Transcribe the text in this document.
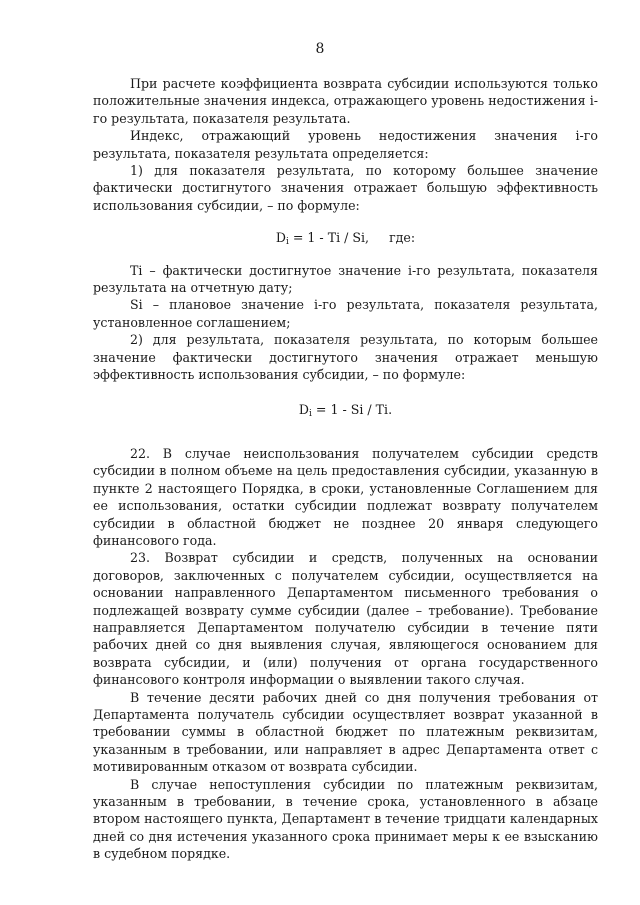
8

При расчете коэффициента возврата субсидии используются только положительные значения индекса, отражающего уровень недостижения i-го результата, показателя результата.

Индекс, отражающий уровень недостижения значения i-го результата, показателя результата определяется:

1) для показателя результата, по которому большее значение фактически достигнутого значения отражает большую эффективность использования субсидии, – по формуле:

$D_i = 1 - Ti / Si$, где:

Ti – фактически достигнутое значение i-го результата, показателя результата на отчетную дату;

Si – плановое значение i-го результата, показателя результата, установленное соглашением;

2) для результата, показателя результата, по которым большее значение фактически достигнутого значения отражает меньшую эффективность использования субсидии, – по формуле:

$D_i = 1 - Si / Ti$.

22. В случае неиспользования получателем субсидии средств субсидии в полном объеме на цель предоставления субсидии, указанную в пункте 2 настоящего Порядка, в сроки, установленные Соглашением для ее использования, остатки субсидии подлежат возврату получателем субсидии в областной бюджет не позднее 20 января следующего финансового года.

23. Возврат субсидии и средств, полученных на основании договоров, заключенных с получателем субсидии, осуществляется на основании направленного Департаментом письменного требования о подлежащей возврату сумме субсидии (далее – требование). Требование направляется Департаментом получателю субсидии в течение пяти рабочих дней со дня выявления случая, являющегося основанием для возврата субсидии, и (или) получения от органа государственного финансового контроля информации о выявлении такого случая.

В течение десяти рабочих дней со дня получения требования от Департамента получатель субсидии осуществляет возврат указанной в требовании суммы в областной бюджет по платежным реквизитам, указанным в требовании, или направляет в адрес Департамента ответ с мотивированным отказом от возврата субсидии.

В случае непоступления субсидии по платежным реквизитам, указанным в требовании, в течение срока, установленного в абзаце втором настоящего пункта, Департамент в течение тридцати календарных дней со дня истечения указанного срока принимает меры к ее взысканию в судебном порядке.
